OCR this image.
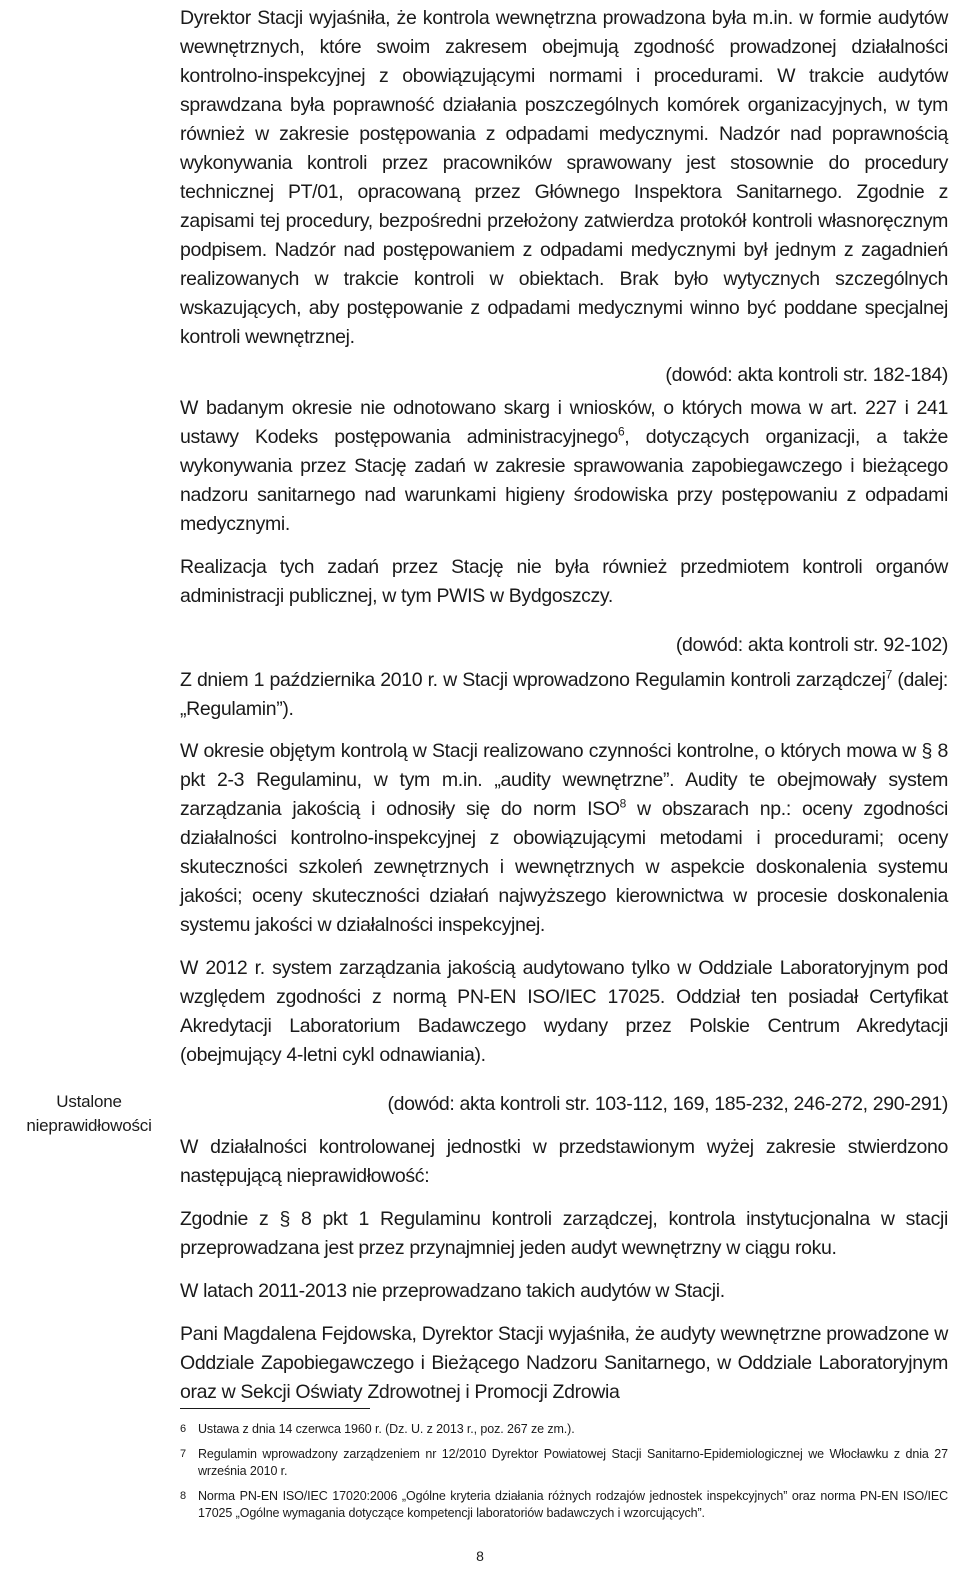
Ustalone
nieprawidłowości

Dyrektor Stacji wyjaśniła, że kontrola wewnętrzna prowadzona była m.in. w formie audytów wewnętrznych, które swoim zakresem obejmują zgodność prowadzonej działalności kontrolno-inspekcyjnej z obowiązującymi normami i procedurami. W trakcie audytów sprawdzana była poprawność działania poszczególnych komórek organizacyjnych, w tym również w zakresie postępowania z odpadami medycznymi. Nadzór nad poprawnością wykonywania kontroli przez pracowników sprawowany jest stosownie do procedury technicznej PT/01, opracowaną przez Głównego Inspektora Sanitarnego. Zgodnie z zapisami tej procedury, bezpośredni przełożony zatwierdza protokół kontroli własnoręcznym podpisem. Nadzór nad postępowaniem z odpadami medycznymi był jednym z zagadnień realizowanych w trakcie kontroli w obiektach. Brak było wytycznych szczególnych wskazujących, aby postępowanie z odpadami medycznymi winno być poddane specjalnej kontroli wewnętrznej.

(dowód: akta kontroli str. 182-184)

W badanym okresie nie odnotowano skarg i wniosków, o których mowa w art. 227 i 241 ustawy Kodeks postępowania administracyjnego$^6$, dotyczących organizacji, a także wykonywania przez Stację zadań w zakresie sprawowania zapobiegawczego i bieżącego nadzoru sanitarnego nad warunkami higieny środowiska przy postępowaniu z odpadami medycznymi.

Realizacja tych zadań przez Stację nie była również przedmiotem kontroli organów administracji publicznej, w tym PWIS w Bydgoszczy.

(dowód: akta kontroli str. 92-102)

Z dniem 1 października 2010 r. w Stacji wprowadzono Regulamin kontroli zarządczej$^7$ (dalej: „Regulamin”).

W okresie objętym kontrolą w Stacji realizowano czynności kontrolne, o których mowa w § 8 pkt 2-3 Regulaminu, w tym m.in. „audity wewnętrzne”. Audity te obejmowały system zarządzania jakością i odnosiły się do norm ISO$^8$ w obszarach np.: oceny zgodności działalności kontrolno-inspekcyjnej z obowiązującymi metodami i procedurami; oceny skuteczności szkoleń zewnętrznych i wewnętrznych w aspekcie doskonalenia systemu jakości; oceny skuteczności działań najwyższego kierownictwa w procesie doskonalenia systemu jakości w działalności inspekcyjnej.

W 2012 r. system zarządzania jakością audytowano tylko w Oddziale Laboratoryjnym pod względem zgodności z normą PN-EN ISO/IEC 17025. Oddział ten posiadał Certyfikat Akredytacji Laboratorium Badawczego wydany przez Polskie Centrum Akredytacji (obejmujący 4-letni cykl odnawiania).

(dowód: akta kontroli str. 103-112, 169, 185-232, 246-272, 290-291)

W działalności kontrolowanej jednostki w przedstawionym wyżej zakresie stwierdzono następującą nieprawidłowość:

Zgodnie z § 8 pkt 1 Regulaminu kontroli zarządczej, kontrola instytucjonalna w stacji przeprowadzana jest przez przynajmniej jeden audyt wewnętrzny w ciągu roku.

W latach 2011-2013 nie przeprowadzano takich audytów w Stacji.

Pani Magdalena Fejdowska, Dyrektor Stacji wyjaśniła, że audyty wewnętrzne prowadzone w Oddziale Zapobiegawczego i Bieżącego Nadzoru Sanitarnego, w Oddziale Laboratoryjnym oraz w Sekcji Oświaty Zdrowotnej i Promocji Zdrowia

6 Ustawa z dnia 14 czerwca 1960 r. (Dz. U. z 2013 r., poz. 267 ze zm.).
7 Regulamin wprowadzony zarządzeniem nr 12/2010 Dyrektor Powiatowej Stacji Sanitarno-Epidemiologicznej we Włocławku z dnia 27 września 2010 r.
8 Norma PN-EN ISO/IEC 17020:2006 „Ogólne kryteria działania różnych rodzajów jednostek inspekcyjnych” oraz norma PN-EN ISO/IEC 17025 „Ogólne wymagania dotyczące kompetencji laboratoriów badawczych i wzorcujących”.
8
